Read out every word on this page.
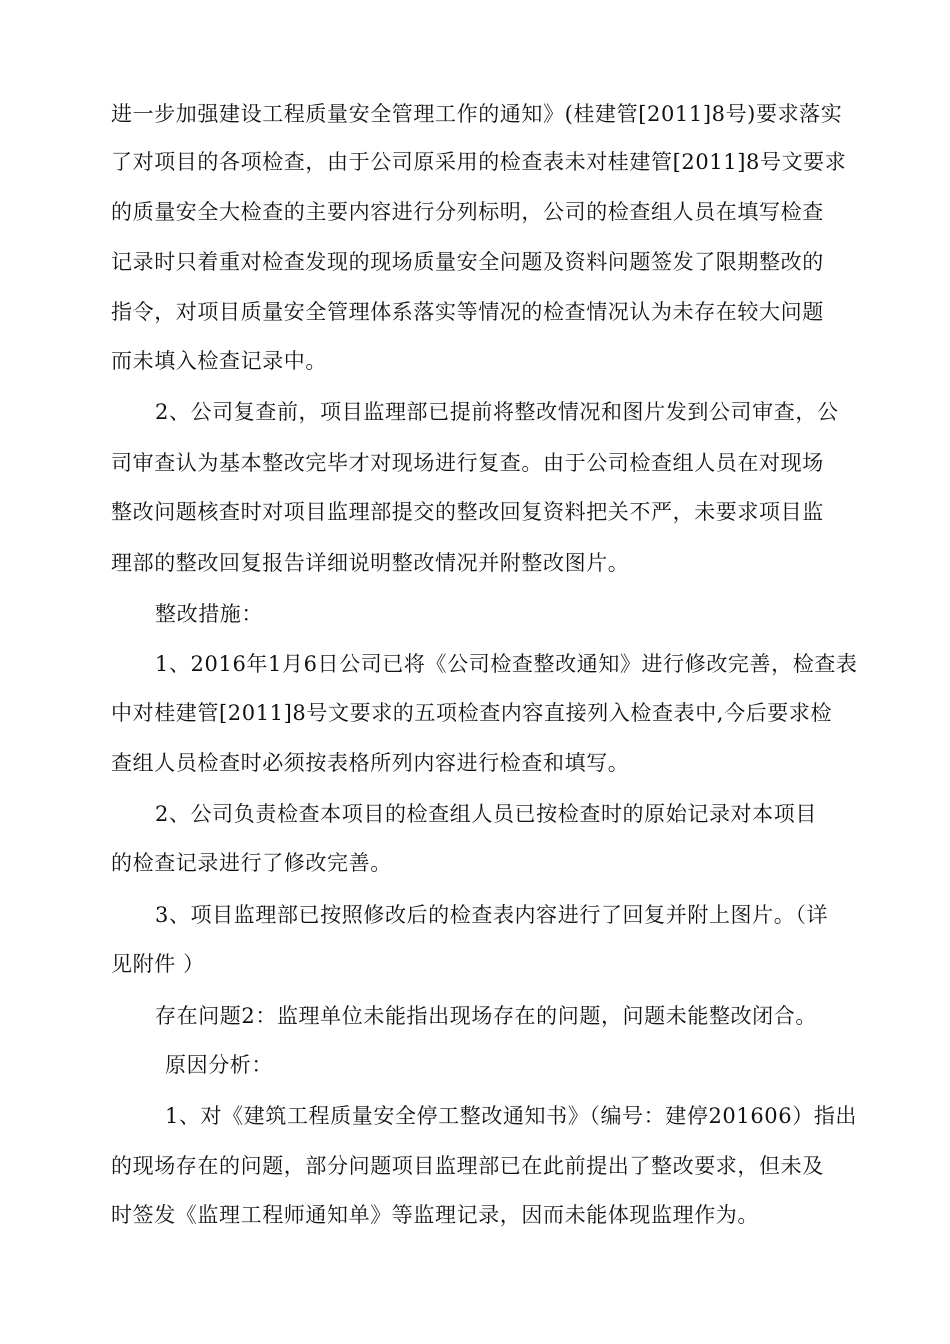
进一步加强建设工程质量安全管理工作的通知》(桂建管[2011]8号)要求落实
了对项目的各项检查，由于公司原采用的检查表未对桂建管[2011]8号文要求
的质量安全大检查的主要内容进行分列标明，公司的检查组人员在填写检查
记录时只着重对检查发现的现场质量安全问题及资料问题签发了限期整改的
指令，对项目质量安全管理体系落实等情况的检查情况认为未存在较大问题
而未填入检查记录中。
2、公司复查前，项目监理部已提前将整改情况和图片发到公司审查，公
司审查认为基本整改完毕才对现场进行复查。由于公司检查组人员在对现场
整改问题核查时对项目监理部提交的整改回复资料把关不严，未要求项目监
理部的整改回复报告详细说明整改情况并附整改图片。
整改措施：
1、2016年1月6日公司已将《公司检查整改通知》进行修改完善，检查表
中对桂建管[2011]8号文要求的五项检查内容直接列入检查表中,今后要求检
查组人员检查时必须按表格所列内容进行检查和填写。
2、公司负责检查本项目的检查组人员已按检查时的原始记录对本项目
的检查记录进行了修改完善。
3、项目监理部已按照修改后的检查表内容进行了回复并附上图片。（详
见附件 ）
存在问题2：监理单位未能指出现场存在的问题，问题未能整改闭合。
原因分析：
1、对《建筑工程质量安全停工整改通知书》（编号：建停201606）指出
的现场存在的问题，部分问题项目监理部已在此前提出了整改要求，但未及
时签发《监理工程师通知单》等监理记录，因而未能体现监理作为。
